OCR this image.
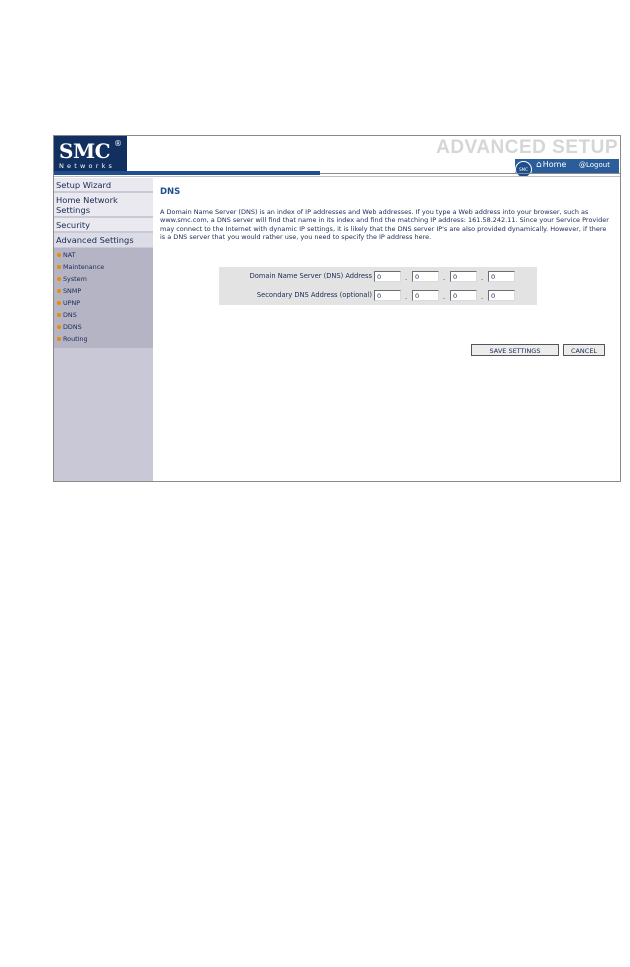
SMC ®
Networks
ADVANCED SETUP
SMC ⌂Home @Logout
Setup Wizard
Home Network Settings
Security
Advanced Settings
NAT
Maintenance
System
SNMP
UPNP
DNS
DDNS
Routing
DNS
A Domain Name Server (DNS) is an index of IP addresses and Web addresses. If you type a Web address into your browser, such as www.smc.com, a DNS server will find that name in its index and find the matching IP address: 161.58.242.11. Since your Service Provider may connect to the Internet with dynamic IP settings, it is likely that the DNS server IP's are also provided dynamically. However, if there is a DNS server that you would rather use, you need to specify the IP address here.
Domain Name Server (DNS) Address 0	.	0	.	0	.	0
Secondary DNS Address (optional) 0	.	0	.	0	.	0
SAVE SETTINGS	CANCEL
